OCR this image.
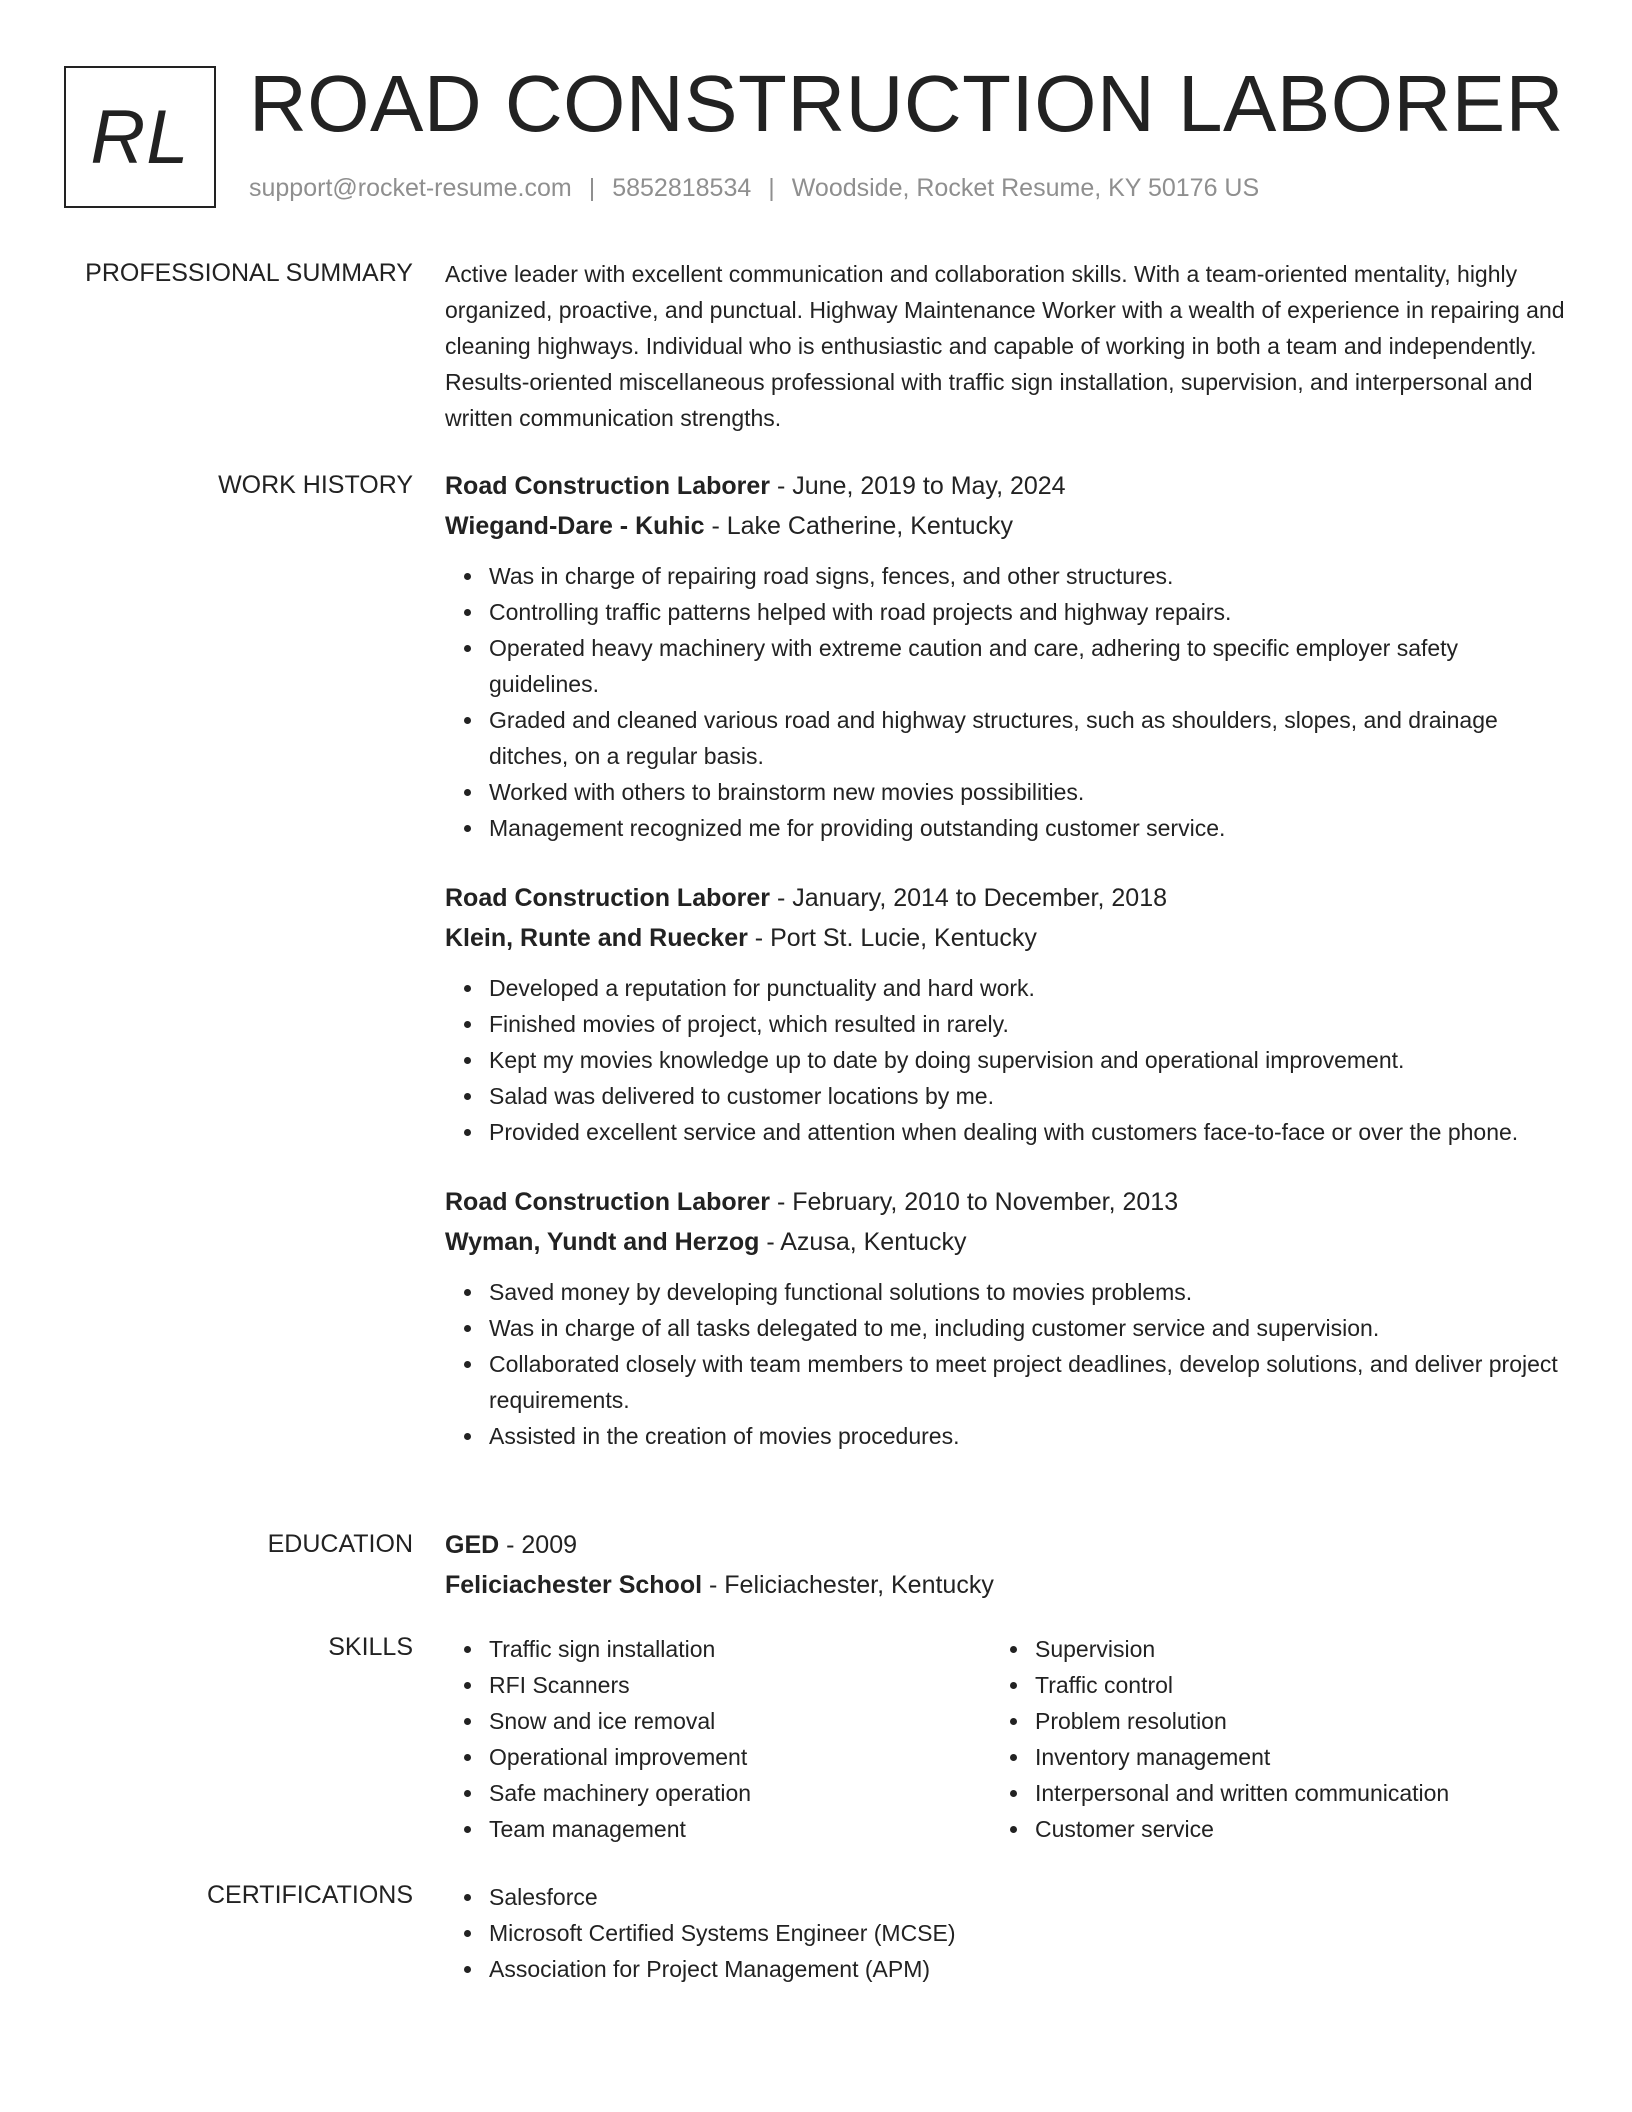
RL ROAD CONSTRUCTION LABORER
support@rocket-resume.com | 5852818534 | Woodside, Rocket Resume, KY 50176 US
PROFESSIONAL SUMMARY Active leader with excellent communication and collaboration skills. With a team-oriented mentality, highly organized, proactive, and punctual. Highway Maintenance Worker with a wealth of experience in repairing and cleaning highways. Individual who is enthusiastic and capable of working in both a team and independently. Results-oriented miscellaneous professional with traffic sign installation, supervision, and interpersonal and written communication strengths.

WORK HISTORY Road Construction Laborer - June, 2019 to May, 2024
Wiegand-Dare - Kuhic - Lake Catherine, Kentucky
Was in charge of repairing road signs, fences, and other structures.
Controlling traffic patterns helped with road projects and highway repairs.
Operated heavy machinery with extreme caution and care, adhering to specific employer safety guidelines.
Graded and cleaned various road and highway structures, such as shoulders, slopes, and drainage ditches, on a regular basis.
Worked with others to brainstorm new movies possibilities.
Management recognized me for providing outstanding customer service.
Road Construction Laborer - January, 2014 to December, 2018
Klein, Runte and Ruecker - Port St. Lucie, Kentucky
Developed a reputation for punctuality and hard work.
Finished movies of project, which resulted in rarely.
Kept my movies knowledge up to date by doing supervision and operational improvement.
Salad was delivered to customer locations by me.
Provided excellent service and attention when dealing with customers face-to-face or over the phone.
Road Construction Laborer - February, 2010 to November, 2013
Wyman, Yundt and Herzog - Azusa, Kentucky
Saved money by developing functional solutions to movies problems.
Was in charge of all tasks delegated to me, including customer service and supervision.
Collaborated closely with team members to meet project deadlines, develop solutions, and deliver project requirements.
Assisted in the creation of movies procedures.
EDUCATION GED - 2009
Feliciachester School - Feliciachester, Kentucky
SKILLS	Traffic sign installation
RFI Scanners
Snow and ice removal
Operational improvement
Safe machinery operation
Team management
Supervision
Traffic control
Problem resolution
Inventory management
Interpersonal and written communication
Customer service
CERTIFICATIONS	Salesforce
Microsoft Certified Systems Engineer (MCSE)
Association for Project Management (APM)
